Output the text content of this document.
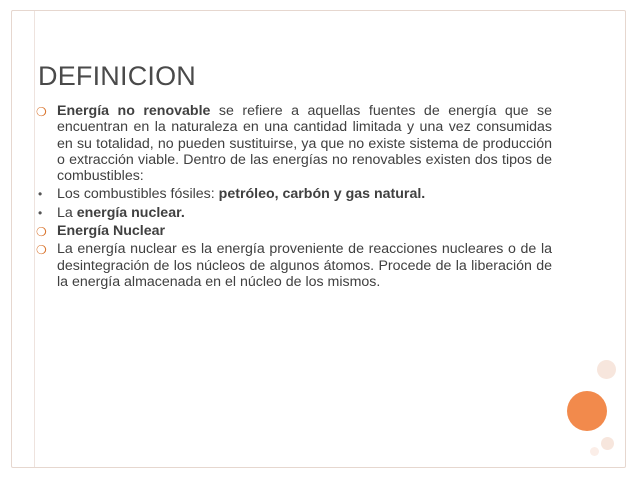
DEFINICION
❍ Energía no renovable se refiere a aquellas fuentes de energía que se encuentran en la naturaleza en una cantidad limitada y una vez consumidas en su totalidad, no pueden sustituirse, ya que no existe sistema de producción o extracción viable. Dentro de las energías no renovables existen dos tipos de combustibles:
•	Los combustibles fósiles: petróleo, carbón y gas natural.
•	La energía nuclear.
❍ Energía Nuclear
❍ La energía nuclear es la energía proveniente de reacciones nucleares o de la desintegración de los núcleos de algunos átomos. Procede de la liberación de la energía almacenada en el núcleo de los mismos.
